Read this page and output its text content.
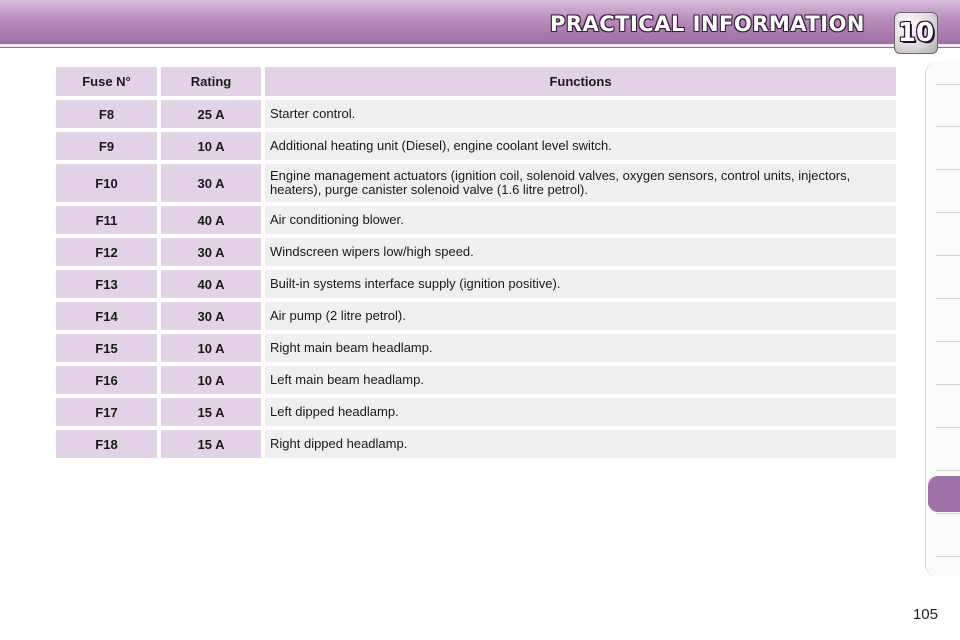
PRACTICAL INFORMATION 10
Fuse N°	Rating	Functions
F8	25 A	Starter control.
F9	10 A	Additional heating unit (Diesel), engine coolant level switch.
F10	30 A	Engine management actuators (ignition coil, solenoid valves, oxygen sensors, control units, injectors, heaters), purge canister solenoid valve (1.6 litre petrol).
F11	40 A	Air conditioning blower.
F12	30 A	Windscreen wipers low/high speed.
F13	40 A	Built-in systems interface supply (ignition positive).
F14	30 A	Air pump (2 litre petrol).
F15	10 A	Right main beam headlamp.
F16	10 A	Left main beam headlamp.
F17	15 A	Left dipped headlamp.
F18	15 A	Right dipped headlamp.
105
